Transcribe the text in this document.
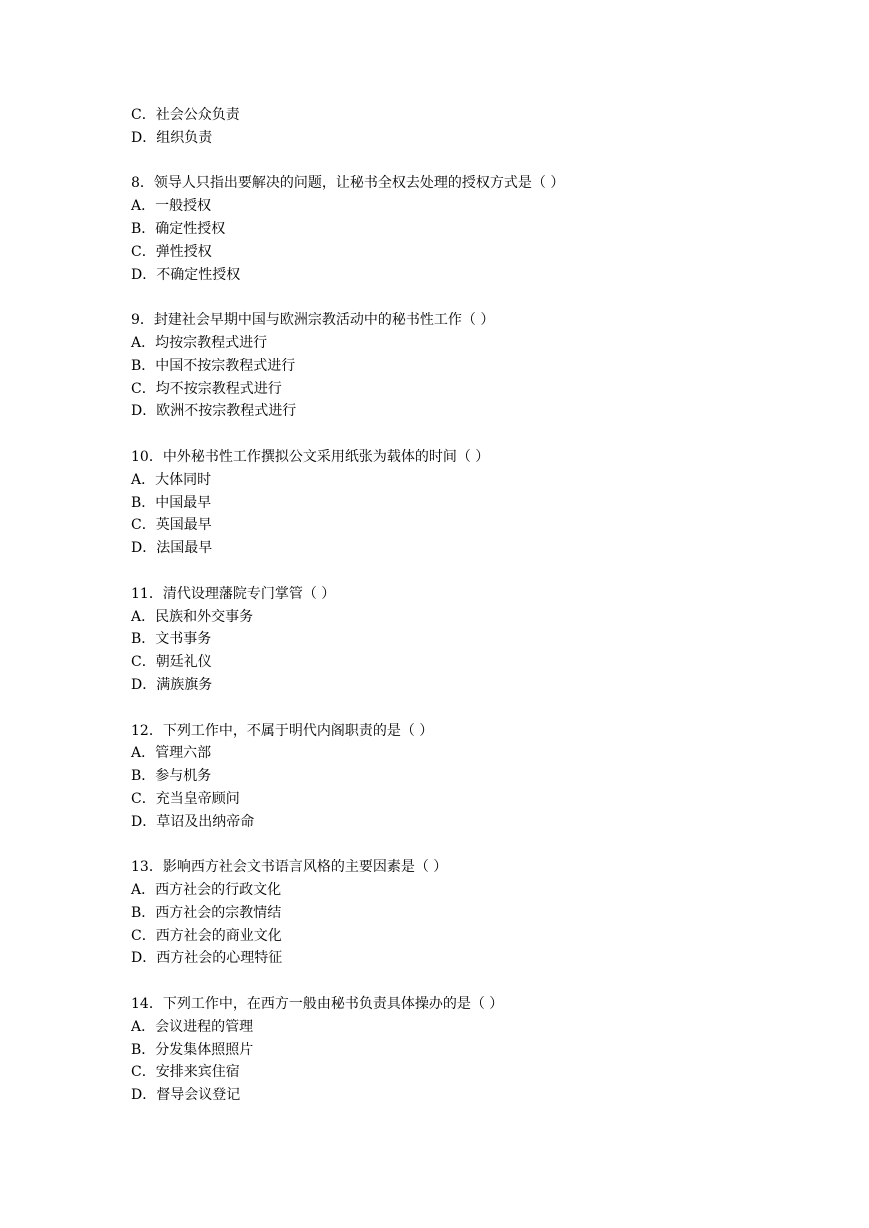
C．社会公众负责
D．组织负责
8．领导人只指出要解决的问题，让秘书全权去处理的授权方式是（ ）
A．一般授权
B．确定性授权
C．弹性授权
D．不确定性授权
9．封建社会早期中国与欧洲宗教活动中的秘书性工作（ ）
A．均按宗教程式进行
B．中国不按宗教程式进行
C．均不按宗教程式进行
D．欧洲不按宗教程式进行
10．中外秘书性工作撰拟公文采用纸张为载体的时间（ ）
A．大体同时
B．中国最早
C．英国最早
D．法国最早
11．清代设理藩院专门掌管（ ）
A．民族和外交事务
B．文书事务
C．朝廷礼仪
D．满族旗务
12．下列工作中，不属于明代内阁职责的是（ ）
A．管理六部
B．参与机务
C．充当皇帝顾问
D．草诏及出纳帝命
13．影响西方社会文书语言风格的主要因素是（ ）
A．西方社会的行政文化
B．西方社会的宗教情结
C．西方社会的商业文化
D．西方社会的心理特征
14．下列工作中，在西方一般由秘书负责具体操办的是（ ）
A．会议进程的管理
B．分发集体照照片
C．安排来宾住宿
D．督导会议登记
